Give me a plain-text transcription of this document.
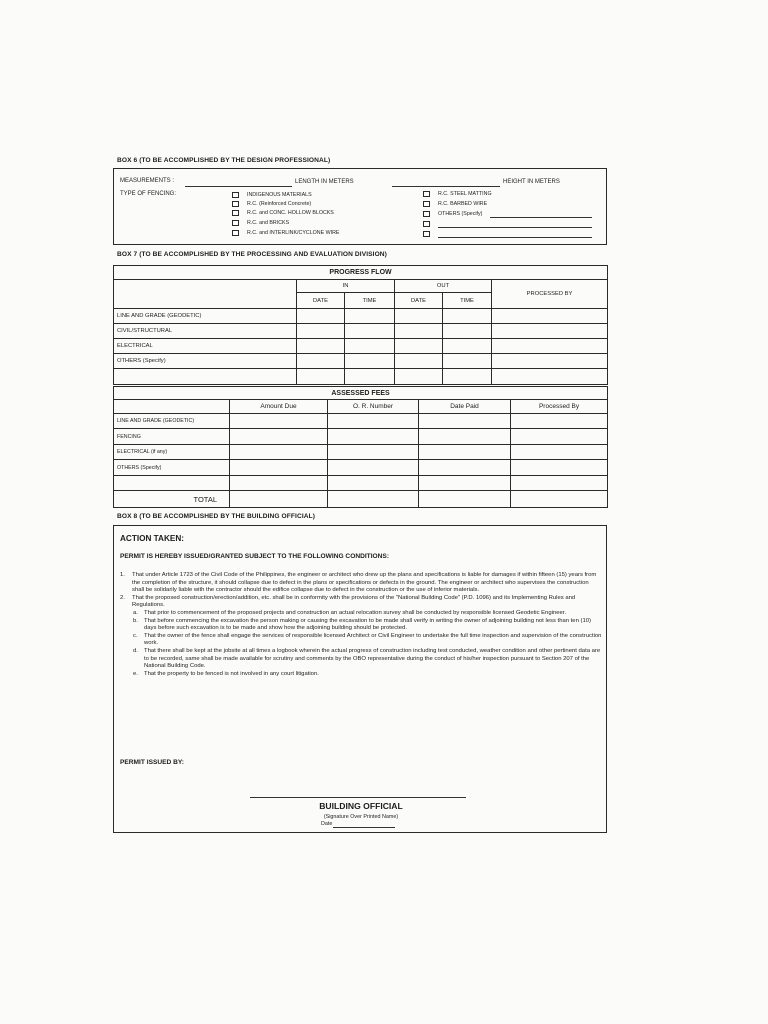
BOX 6 (TO BE ACCOMPLISHED BY THE DESIGN PROFESSIONAL)
MEASUREMENTS :	LENGTH IN METERS	HEIGHT IN METERS
TYPE OF FENCING:	INDIGENOUS MATERIALS
R.C. (Reinforced Concrete)
R.C. and CONC. HOLLOW BLOCKS
R.C. and BRICKS
R.C. and INTERLINK/CYCLONE WIRE
R.C. STEEL MATTING
R.C. BARBED WIRE
OTHERS (Specify)
BOX 7 (TO BE ACCOMPLISHED BY THE PROCESSING AND EVALUATION DIVISION)
PROGRESS FLOW					
	IN		OUT		PROCESSED BY
	DATE	TIME	DATE	TIME	
LINE AND GRADE (GEODETIC)					
CIVIL/STRUCTURAL					
ELECTRICAL					
OTHERS (Specify)					

ASSESSED FEES				
	Amount Due	O. R. Number	Date Paid	Processed By
LINE AND GRADE (GEODETIC)				
FENCING				
ELECTRICAL (if any)				
OTHERS (Specify)				

TOTAL				
BOX 8 (TO BE ACCOMPLISHED BY THE BUILDING OFFICIAL)
ACTION TAKEN:
PERMIT IS HEREBY ISSUED/GRANTED SUBJECT TO THE FOLLOWING CONDITIONS:
1.	That under Article 1723 of the Civil Code of the Philippines, the engineer or architect who drew up the plans and specifications is liable for damages if within fifteen (15) years from the completion of the structure, it should collapse due to defect in the plans or specifications or defects in the ground. The engineer or architect who supervises the construction shall be solidarily liable with the contractor should the edifice collapse due to defect in the construction or the use of inferior materials.
2.	That the proposed construction/erection/addition, etc. shall be in conformity with the provisions of the "National Building Code" (P.D. 1096) and its Implementing Rules and Regulations.
a.	That prior to commencement of the proposed projects and construction an actual relocation survey shall be conducted by responsible licensed Geodetic Engineer.
b.	That before commencing the excavation the person making or causing the excavation to be made shall verify in writing the owner of adjoining building not less than ten (10) days before such excavation is to be made and show how the adjoining building should be protected.
c.	That the owner of the fence shall engage the services of responsible licensed Architect or Civil Engineer to undertake the full time inspection and supervision of the construction work.
d.	That there shall be kept at the jobsite at all times a logbook wherein the actual progress of construction including test conducted, weather condition and other pertinent data are to be recorded, same shall be made available for scrutiny and comments by the OBO representative during the conduct of his/her inspection pursuant to Section 207 of the National Building Code.
e.	That the property to be fenced is not involved in any court litigation.
PERMIT ISSUED BY:
BUILDING OFFICIAL
(Signature Over Printed Name)
Date
